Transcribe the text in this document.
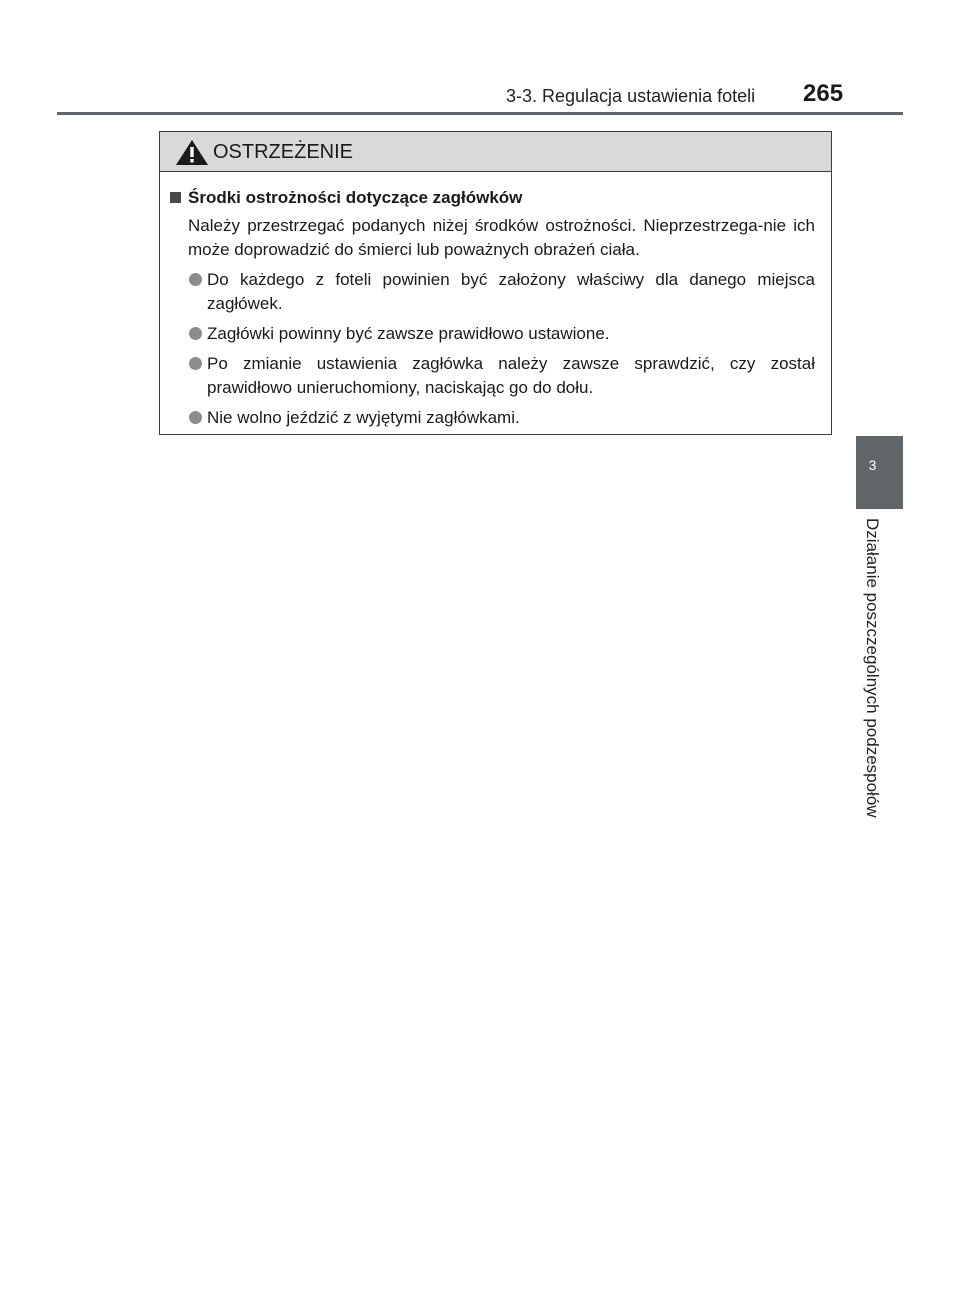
3-3. Regulacja ustawienia foteli 265
3
Działanie poszczególnych podzespołów
OSTRZEŻENIE
Środki ostrożności dotyczące zagłówków
Należy przestrzegać podanych niżej środków ostrożności. Nieprzestrzega-nie ich może doprowadzić do śmierci lub poważnych obrażeń ciała.
Do każdego z foteli powinien być założony właściwy dla danego miejsca zagłówek.
Zagłówki powinny być zawsze prawidłowo ustawione.
Po zmianie ustawienia zagłówka należy zawsze sprawdzić, czy został prawidłowo unieruchomiony, naciskając go do dołu.
Nie wolno jeździć z wyjętymi zagłówkami.
